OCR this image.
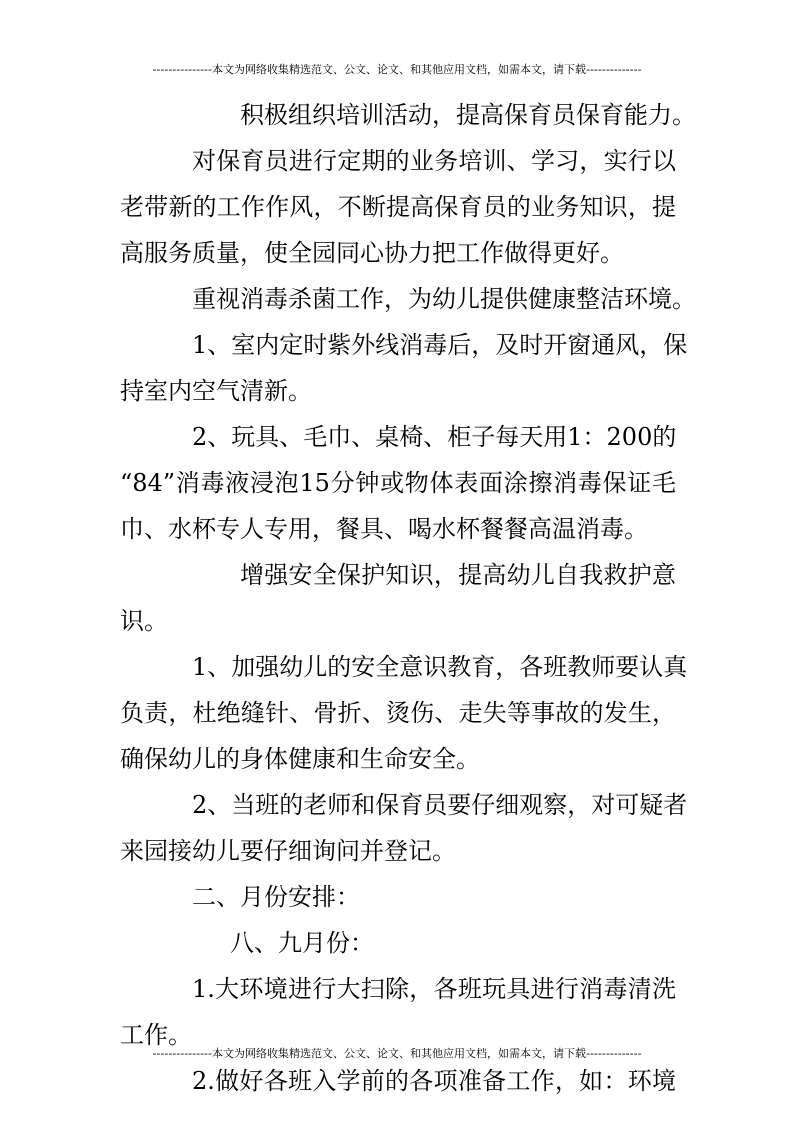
---------------本文为网络收集精选范文、公文、论文、和其他应用文档，如需本文，请下载--------------
积极组织培训活动，提高保育员保育能力。
对保育员进行定期的业务培训、学习，实行以
老带新的工作作风，不断提高保育员的业务知识，提
高服务质量，使全园同心协力把工作做得更好。
重视消毒杀菌工作，为幼儿提供健康整洁环境。
1、室内定时紫外线消毒后，及时开窗通风，保
持室内空气清新。
2、玩具、毛巾、桌椅、柜子每天用1：200的
“84”消毒液浸泡15分钟或物体表面涂擦消毒保证毛
巾、水杯专人专用，餐具、喝水杯餐餐高温消毒。
增强安全保护知识，提高幼儿自我救护意
识。
1、加强幼儿的安全意识教育，各班教师要认真
负责，杜绝缝针、骨折、烫伤、走失等事故的发生，
确保幼儿的身体健康和生命安全。
2、当班的老师和保育员要仔细观察，对可疑者
来园接幼儿要仔细询问并登记。
二、月份安排：
八、九月份：
1.大环境进行大扫除，各班玩具进行消毒清洗
工作。
2.做好各班入学前的各项准备工作，如：环境
---------------本文为网络收集精选范文、公文、论文、和其他应用文档，如需本文，请下载--------------
